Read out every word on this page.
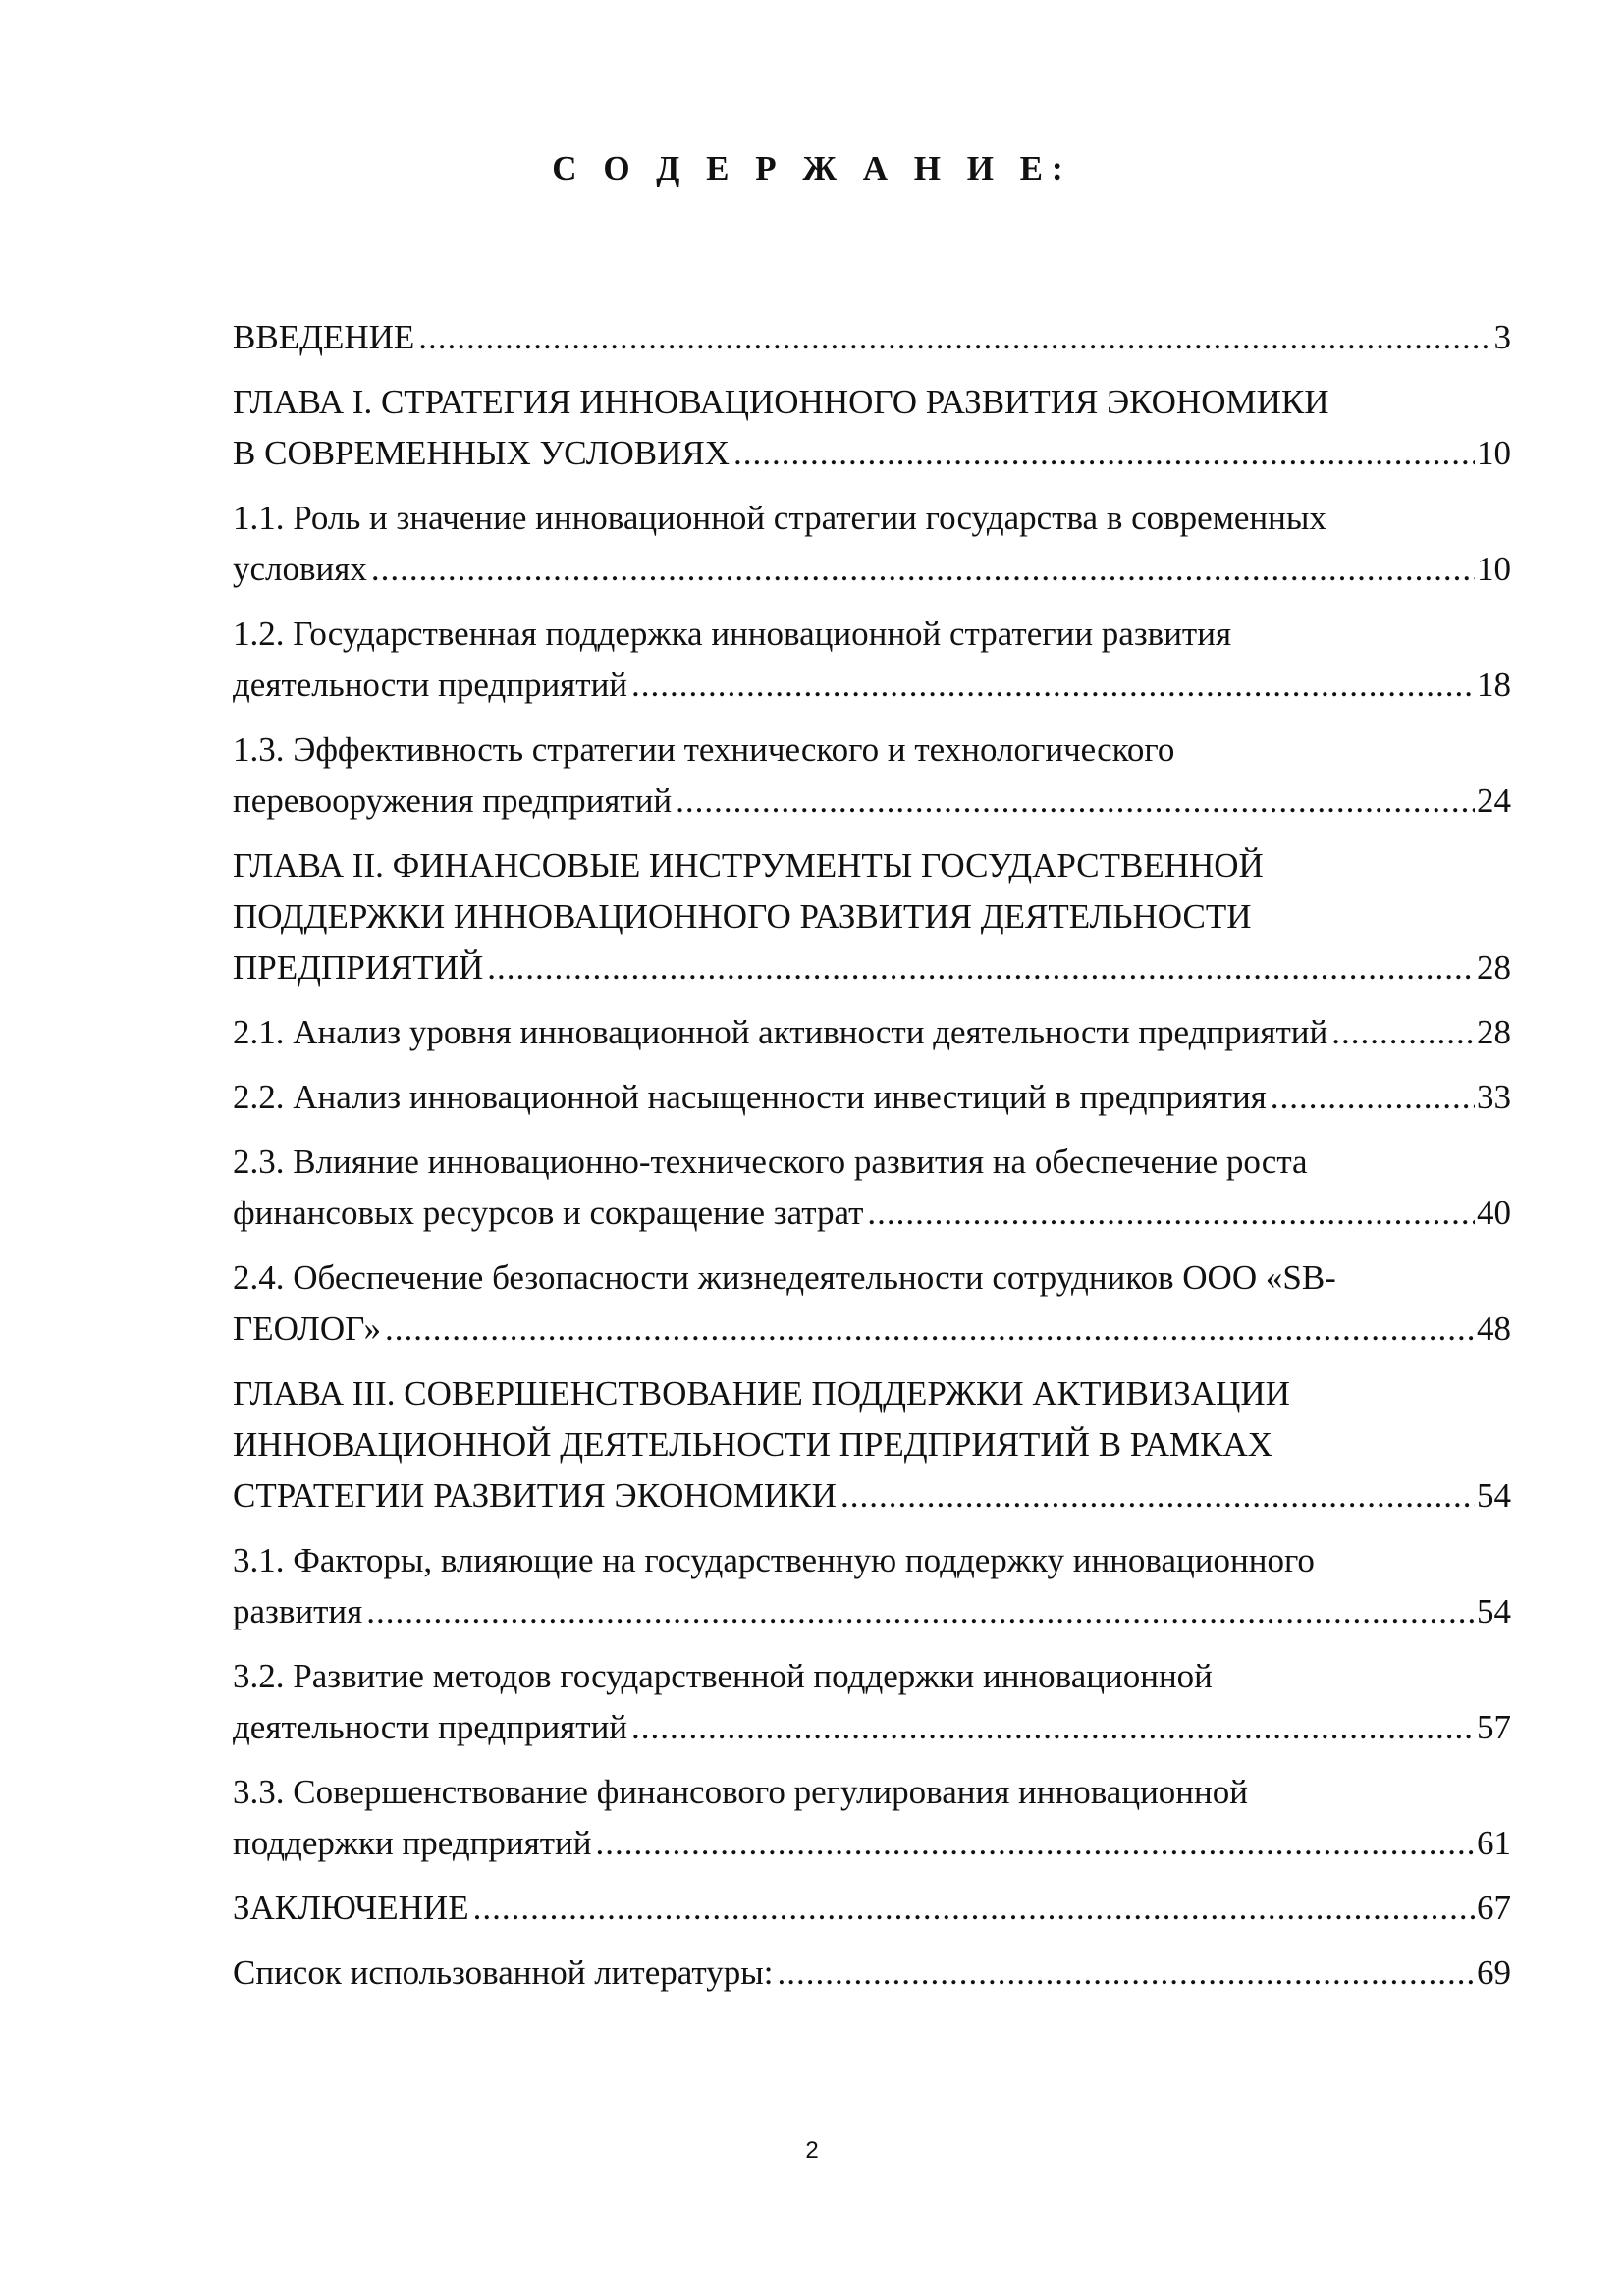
С О Д Е Р Ж А Н И Е:
ВВЕДЕНИЕ .....	3
ГЛАВА I. СТРАТЕГИЯ ИННОВАЦИОННОГО РАЗВИТИЯ ЭКОНОМИКИ
В СОВРЕМЕННЫХ УСЛОВИЯХ .....	10
1.1. Роль и значение инновационной стратегии государства в современных
условиях .....	10
1.2. Государственная поддержка инновационной стратегии развития
деятельности предприятий .....	18
1.3. Эффективность стратегии технического и технологического
перевооружения предприятий .....	24
ГЛАВА II. ФИНАНСОВЫЕ ИНСТРУМЕНТЫ ГОСУДАРСТВЕННОЙ
ПОДДЕРЖКИ ИННОВАЦИОННОГО РАЗВИТИЯ ДЕЯТЕЛЬНОСТИ
ПРЕДПРИЯТИЙ .....	28
2.1. Анализ уровня инновационной активности деятельности предприятий .....	28
2.2. Анализ инновационной насыщенности инвестиций в предприятия .....	33
2.3. Влияние инновационно-технического развития на обеспечение роста
финансовых ресурсов и сокращение затрат .....	40
2.4. Обеспечение безопасности жизнедеятельности сотрудников ООО «SB-
ГЕОЛОГ» .....	48
ГЛАВА III. СОВЕРШЕНСТВОВАНИЕ ПОДДЕРЖКИ АКТИВИЗАЦИИ
ИННОВАЦИОННОЙ ДЕЯТЕЛЬНОСТИ ПРЕДПРИЯТИЙ В РАМКАХ
СТРАТЕГИИ РАЗВИТИЯ ЭКОНОМИКИ .....	54
3.1. Факторы, влияющие на государственную поддержку инновационного
развития .....	54
3.2. Развитие методов государственной поддержки инновационной
деятельности предприятий .....	57
3.3. Совершенствование финансового регулирования инновационной
поддержки предприятий .....	61
ЗАКЛЮЧЕНИЕ .....	67
Список использованной литературы: .....	69
2
